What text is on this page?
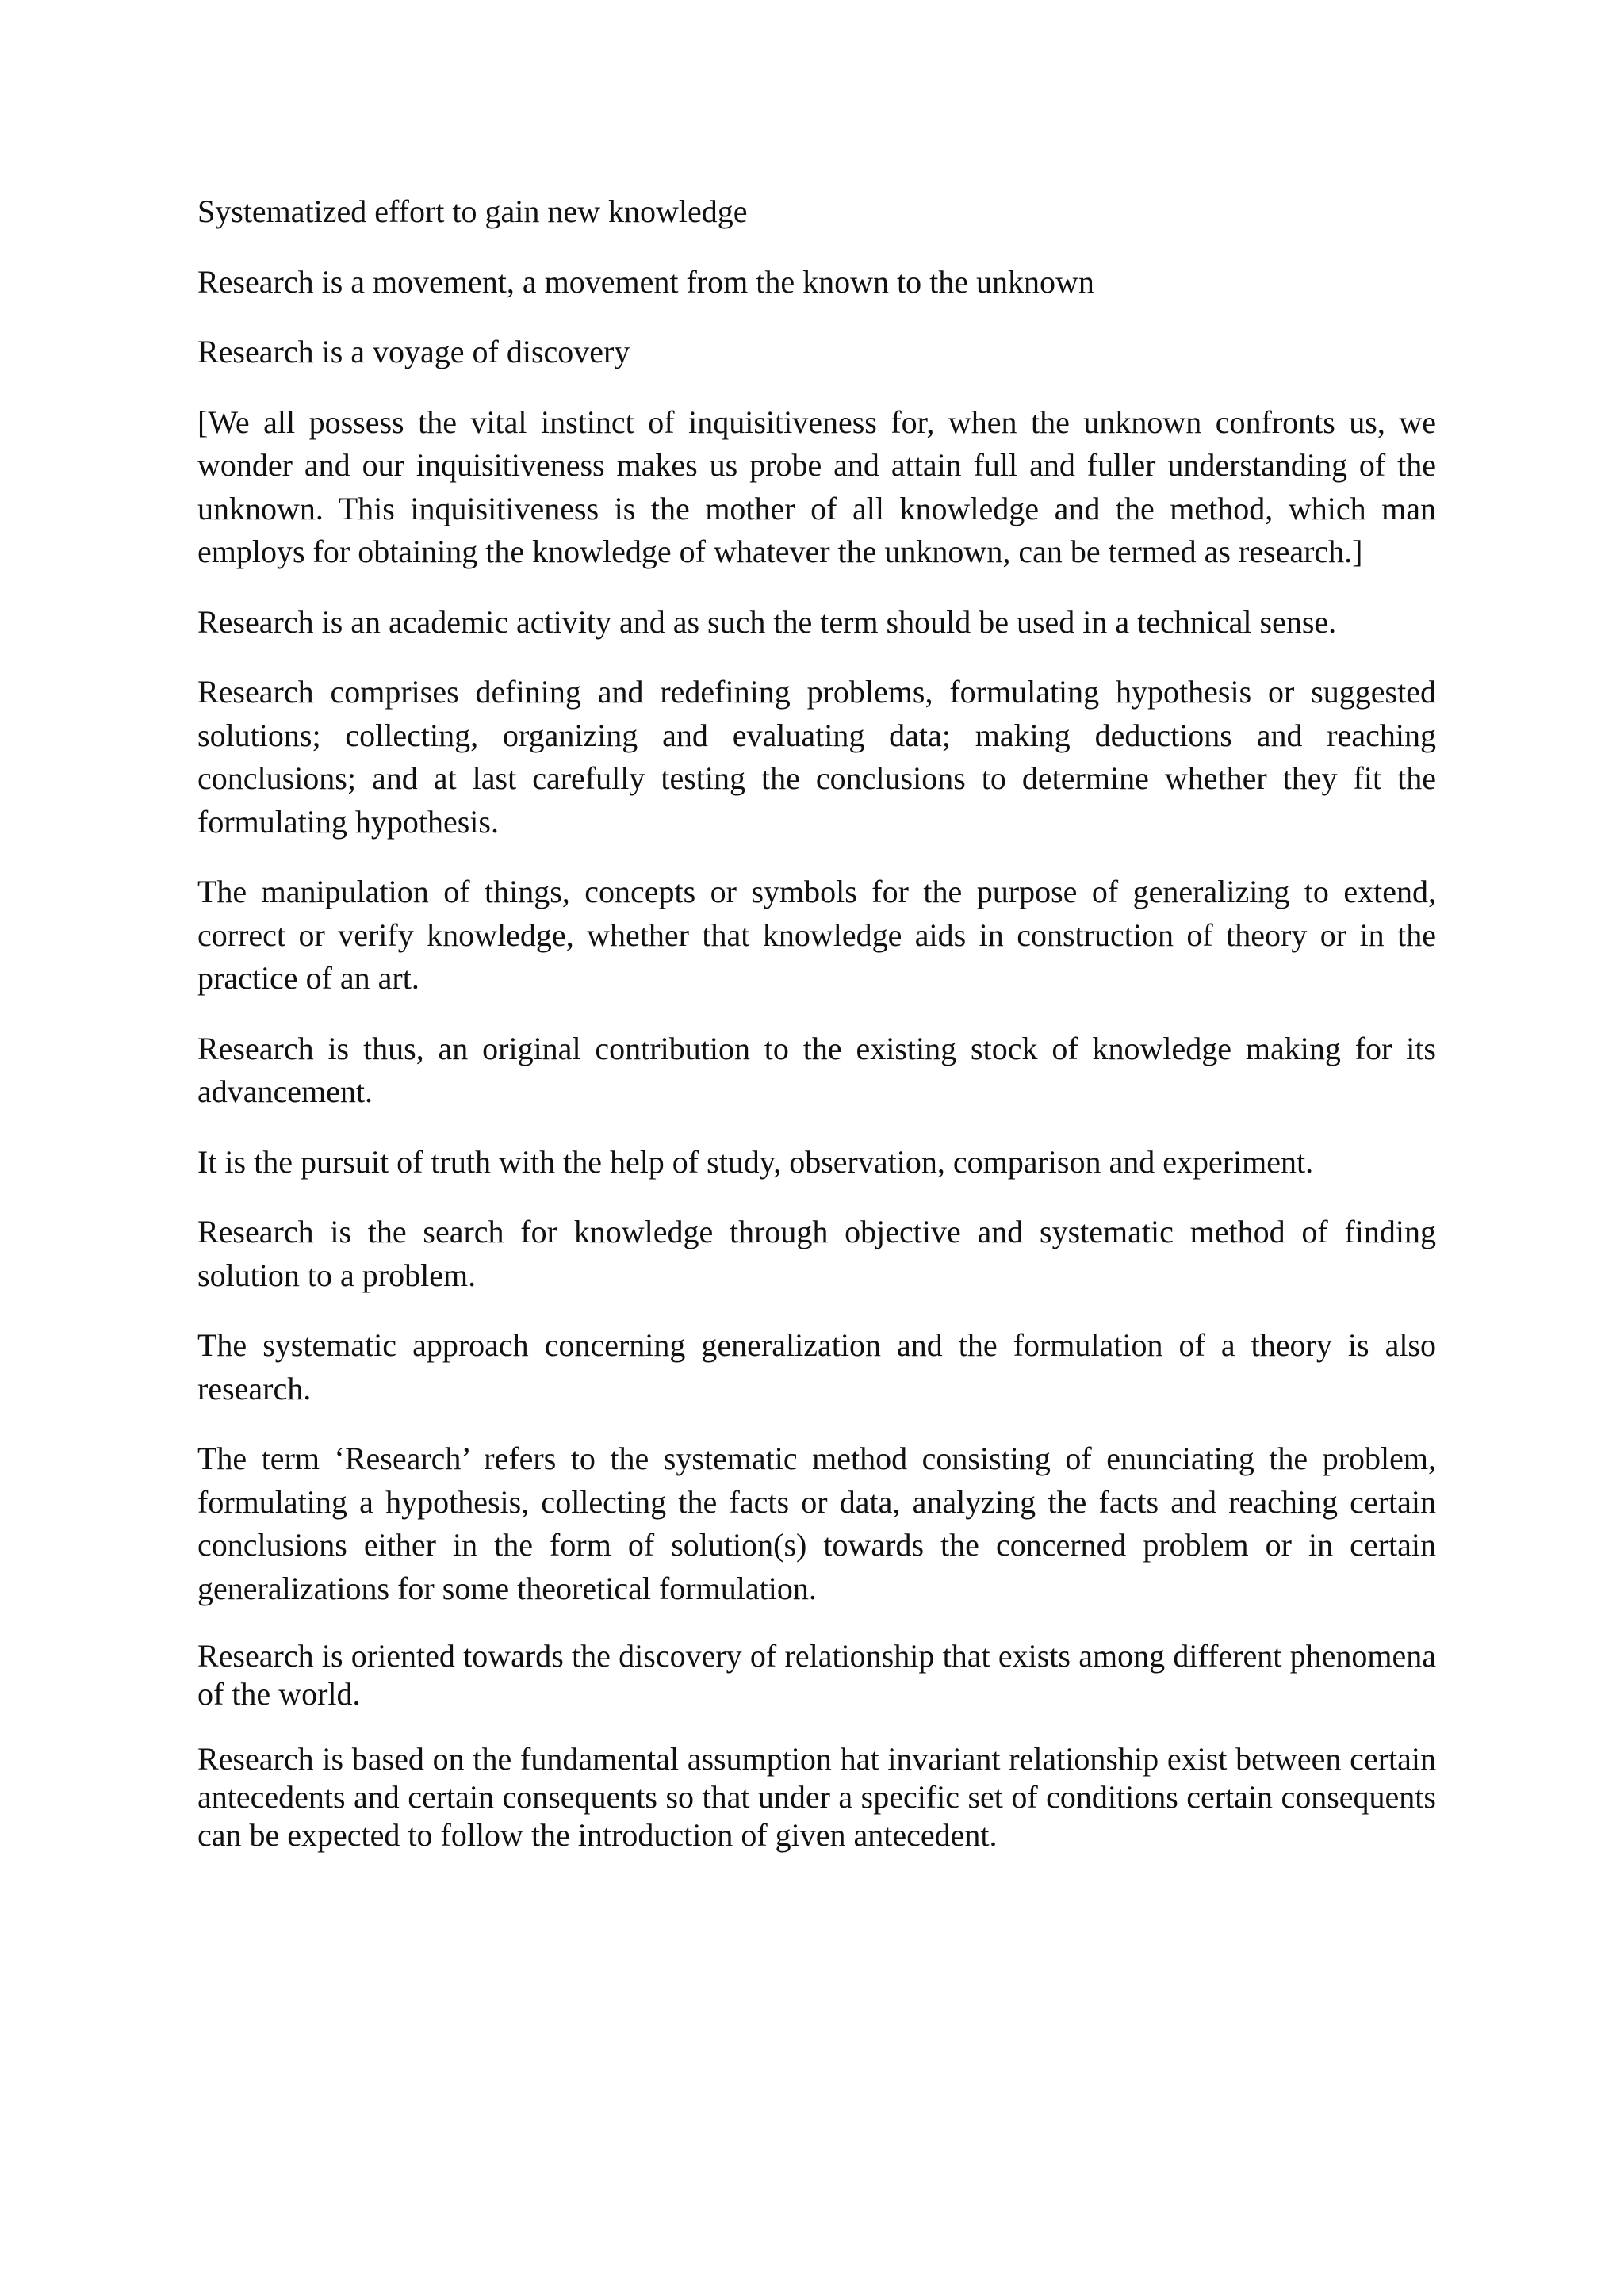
Systematized effort to gain new knowledge

Research is a movement, a movement from the known to the unknown

Research is a voyage of discovery

[We all possess the vital instinct of inquisitiveness for, when the unknown confronts us, we wonder and our inquisitiveness makes us probe and attain full and fuller understanding of the unknown. This inquisitiveness is the mother of all knowledge and the method, which man employs for obtaining the knowledge of whatever the unknown, can be termed as research.]

Research is an academic activity and as such the term should be used in a technical sense.

Research comprises defining and redefining problems, formulating hypothesis or suggested solutions; collecting, organizing and evaluating data; making deductions and reaching conclusions; and at last carefully testing the conclusions to determine whether they fit the formulating hypothesis.

The manipulation of things, concepts or symbols for the purpose of generalizing to extend, correct or verify knowledge, whether that knowledge aids in construction of theory or in the practice of an art.

Research is thus, an original contribution to the existing stock of knowledge making for its advancement.

It is the pursuit of truth with the help of study, observation, comparison and experiment.

Research is the search for knowledge through objective and systematic method of finding solution to a problem.

The systematic approach concerning generalization and the formulation of a theory is also research.

The term ‘Research’ refers to the systematic method consisting of enunciating the problem, formulating a hypothesis, collecting the facts or data, analyzing the facts and reaching certain conclusions either in the form of solution(s) towards the concerned problem or in certain generalizations for some theoretical formulation.

Research is oriented towards the discovery of relationship that exists among different phenomena of the world.

Research is based on the fundamental assumption hat invariant relationship exist between certain antecedents and certain consequents so that under a specific set of conditions certain consequents can be expected to follow the introduction of given antecedent.
